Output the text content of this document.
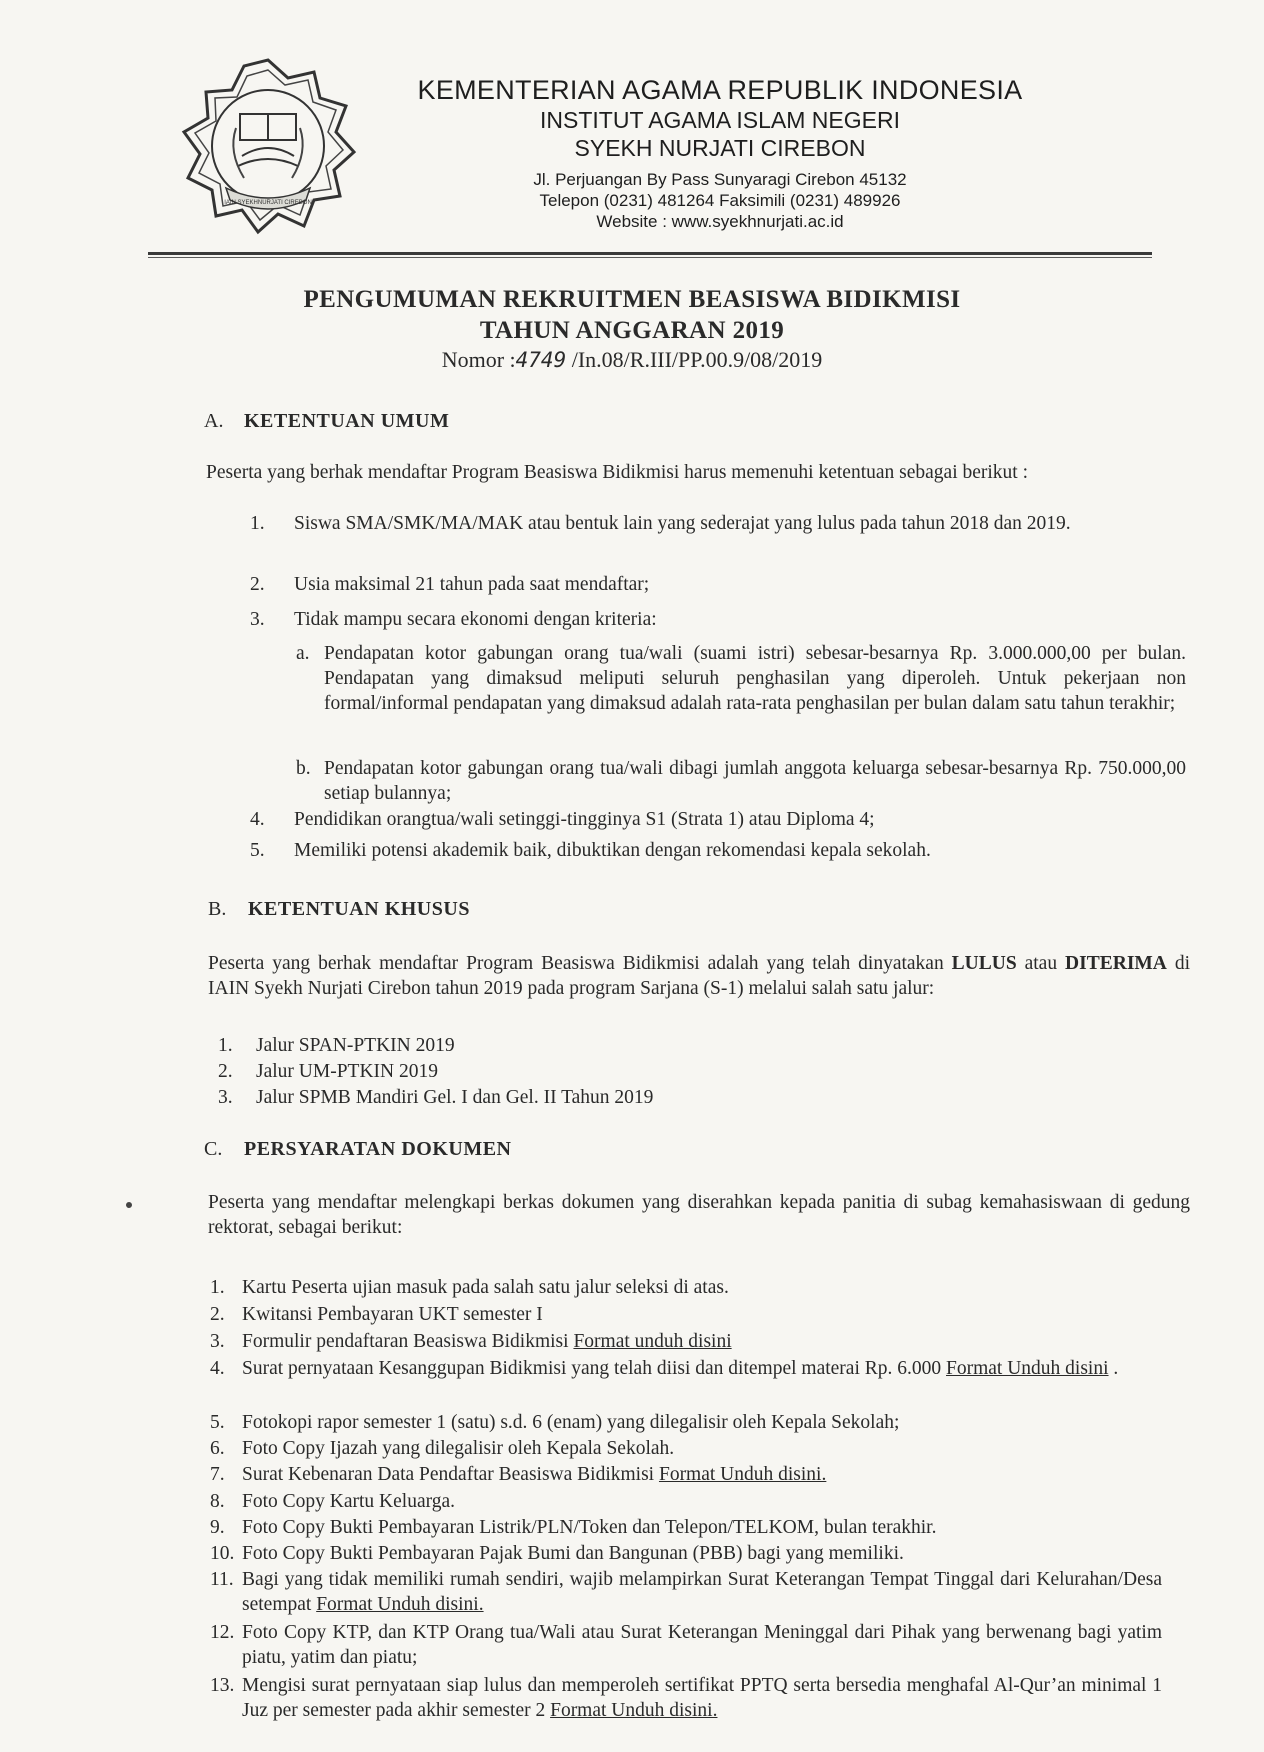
IAIN SYEKHNURJATI CIREBON
KEMENTERIAN AGAMA REPUBLIK INDONESIA
INSTITUT AGAMA ISLAM NEGERI
SYEKH NURJATI CIREBON
Jl. Perjuangan By Pass Sunyaragi Cirebon 45132
Telepon (0231) 481264 Faksimili (0231) 489926
Website : www.syekhnurjati.ac.id
PENGUMUMAN REKRUITMEN BEASISWA BIDIKMISI
TAHUN ANGGARAN 2019
Nomor :4749 /In.08/R.III/PP.00.9/08/2019
A. KETENTUAN UMUM
Peserta yang berhak mendaftar Program Beasiswa Bidikmisi harus memenuhi ketentuan sebagai berikut :
1. Siswa SMA/SMK/MA/MAK atau bentuk lain yang sederajat yang lulus pada tahun 2018 dan 2019.
2. Usia maksimal 21 tahun pada saat mendaftar;
3. Tidak mampu secara ekonomi dengan kriteria:
a. Pendapatan kotor gabungan orang tua/wali (suami istri) sebesar-besarnya Rp. 3.000.000,00 per bulan. Pendapatan yang dimaksud meliputi seluruh penghasilan yang diperoleh. Untuk pekerjaan non formal/informal pendapatan yang dimaksud adalah rata-rata penghasilan per bulan dalam satu tahun terakhir;
b. Pendapatan kotor gabungan orang tua/wali dibagi jumlah anggota keluarga sebesar-besarnya Rp. 750.000,00 setiap bulannya;
4. Pendidikan orangtua/wali setinggi-tingginya S1 (Strata 1) atau Diploma 4;
5. Memiliki potensi akademik baik, dibuktikan dengan rekomendasi kepala sekolah.
B. KETENTUAN KHUSUS
Peserta yang berhak mendaftar Program Beasiswa Bidikmisi adalah yang telah dinyatakan LULUS atau DITERIMA di IAIN Syekh Nurjati Cirebon tahun 2019 pada program Sarjana (S-1) melalui salah satu jalur:
1. Jalur SPAN-PTKIN 2019
2. Jalur UM-PTKIN 2019
3. Jalur SPMB Mandiri Gel. I dan Gel. II Tahun 2019
C. PERSYARATAN DOKUMEN
Peserta yang mendaftar melengkapi berkas dokumen yang diserahkan kepada panitia di subag kemahasiswaan di gedung rektorat, sebagai berikut:
1. Kartu Peserta ujian masuk pada salah satu jalur seleksi di atas.
2. Kwitansi Pembayaran UKT semester I
3. Formulir pendaftaran Beasiswa Bidikmisi Format unduh disini
4. Surat pernyataan Kesanggupan Bidikmisi yang telah diisi dan ditempel materai Rp. 6.000 Format Unduh disini .
5. Fotokopi rapor semester 1 (satu) s.d. 6 (enam) yang dilegalisir oleh Kepala Sekolah;
6. Foto Copy Ijazah yang dilegalisir oleh Kepala Sekolah.
7. Surat Kebenaran Data Pendaftar Beasiswa Bidikmisi Format Unduh disini.
8. Foto Copy Kartu Keluarga.
9. Foto Copy Bukti Pembayaran Listrik/PLN/Token dan Telepon/TELKOM, bulan terakhir.
10. Foto Copy Bukti Pembayaran Pajak Bumi dan Bangunan (PBB) bagi yang memiliki.
11. Bagi yang tidak memiliki rumah sendiri, wajib melampirkan Surat Keterangan Tempat Tinggal dari Kelurahan/Desa setempat Format Unduh disini.
12. Foto Copy KTP, dan KTP Orang tua/Wali atau Surat Keterangan Meninggal dari Pihak yang berwenang bagi yatim piatu, yatim dan piatu;
13. Mengisi surat pernyataan siap lulus dan memperoleh sertifikat PPTQ serta bersedia menghafal Al-Qur’an minimal 1 Juz per semester pada akhir semester 2 Format Unduh disini.
